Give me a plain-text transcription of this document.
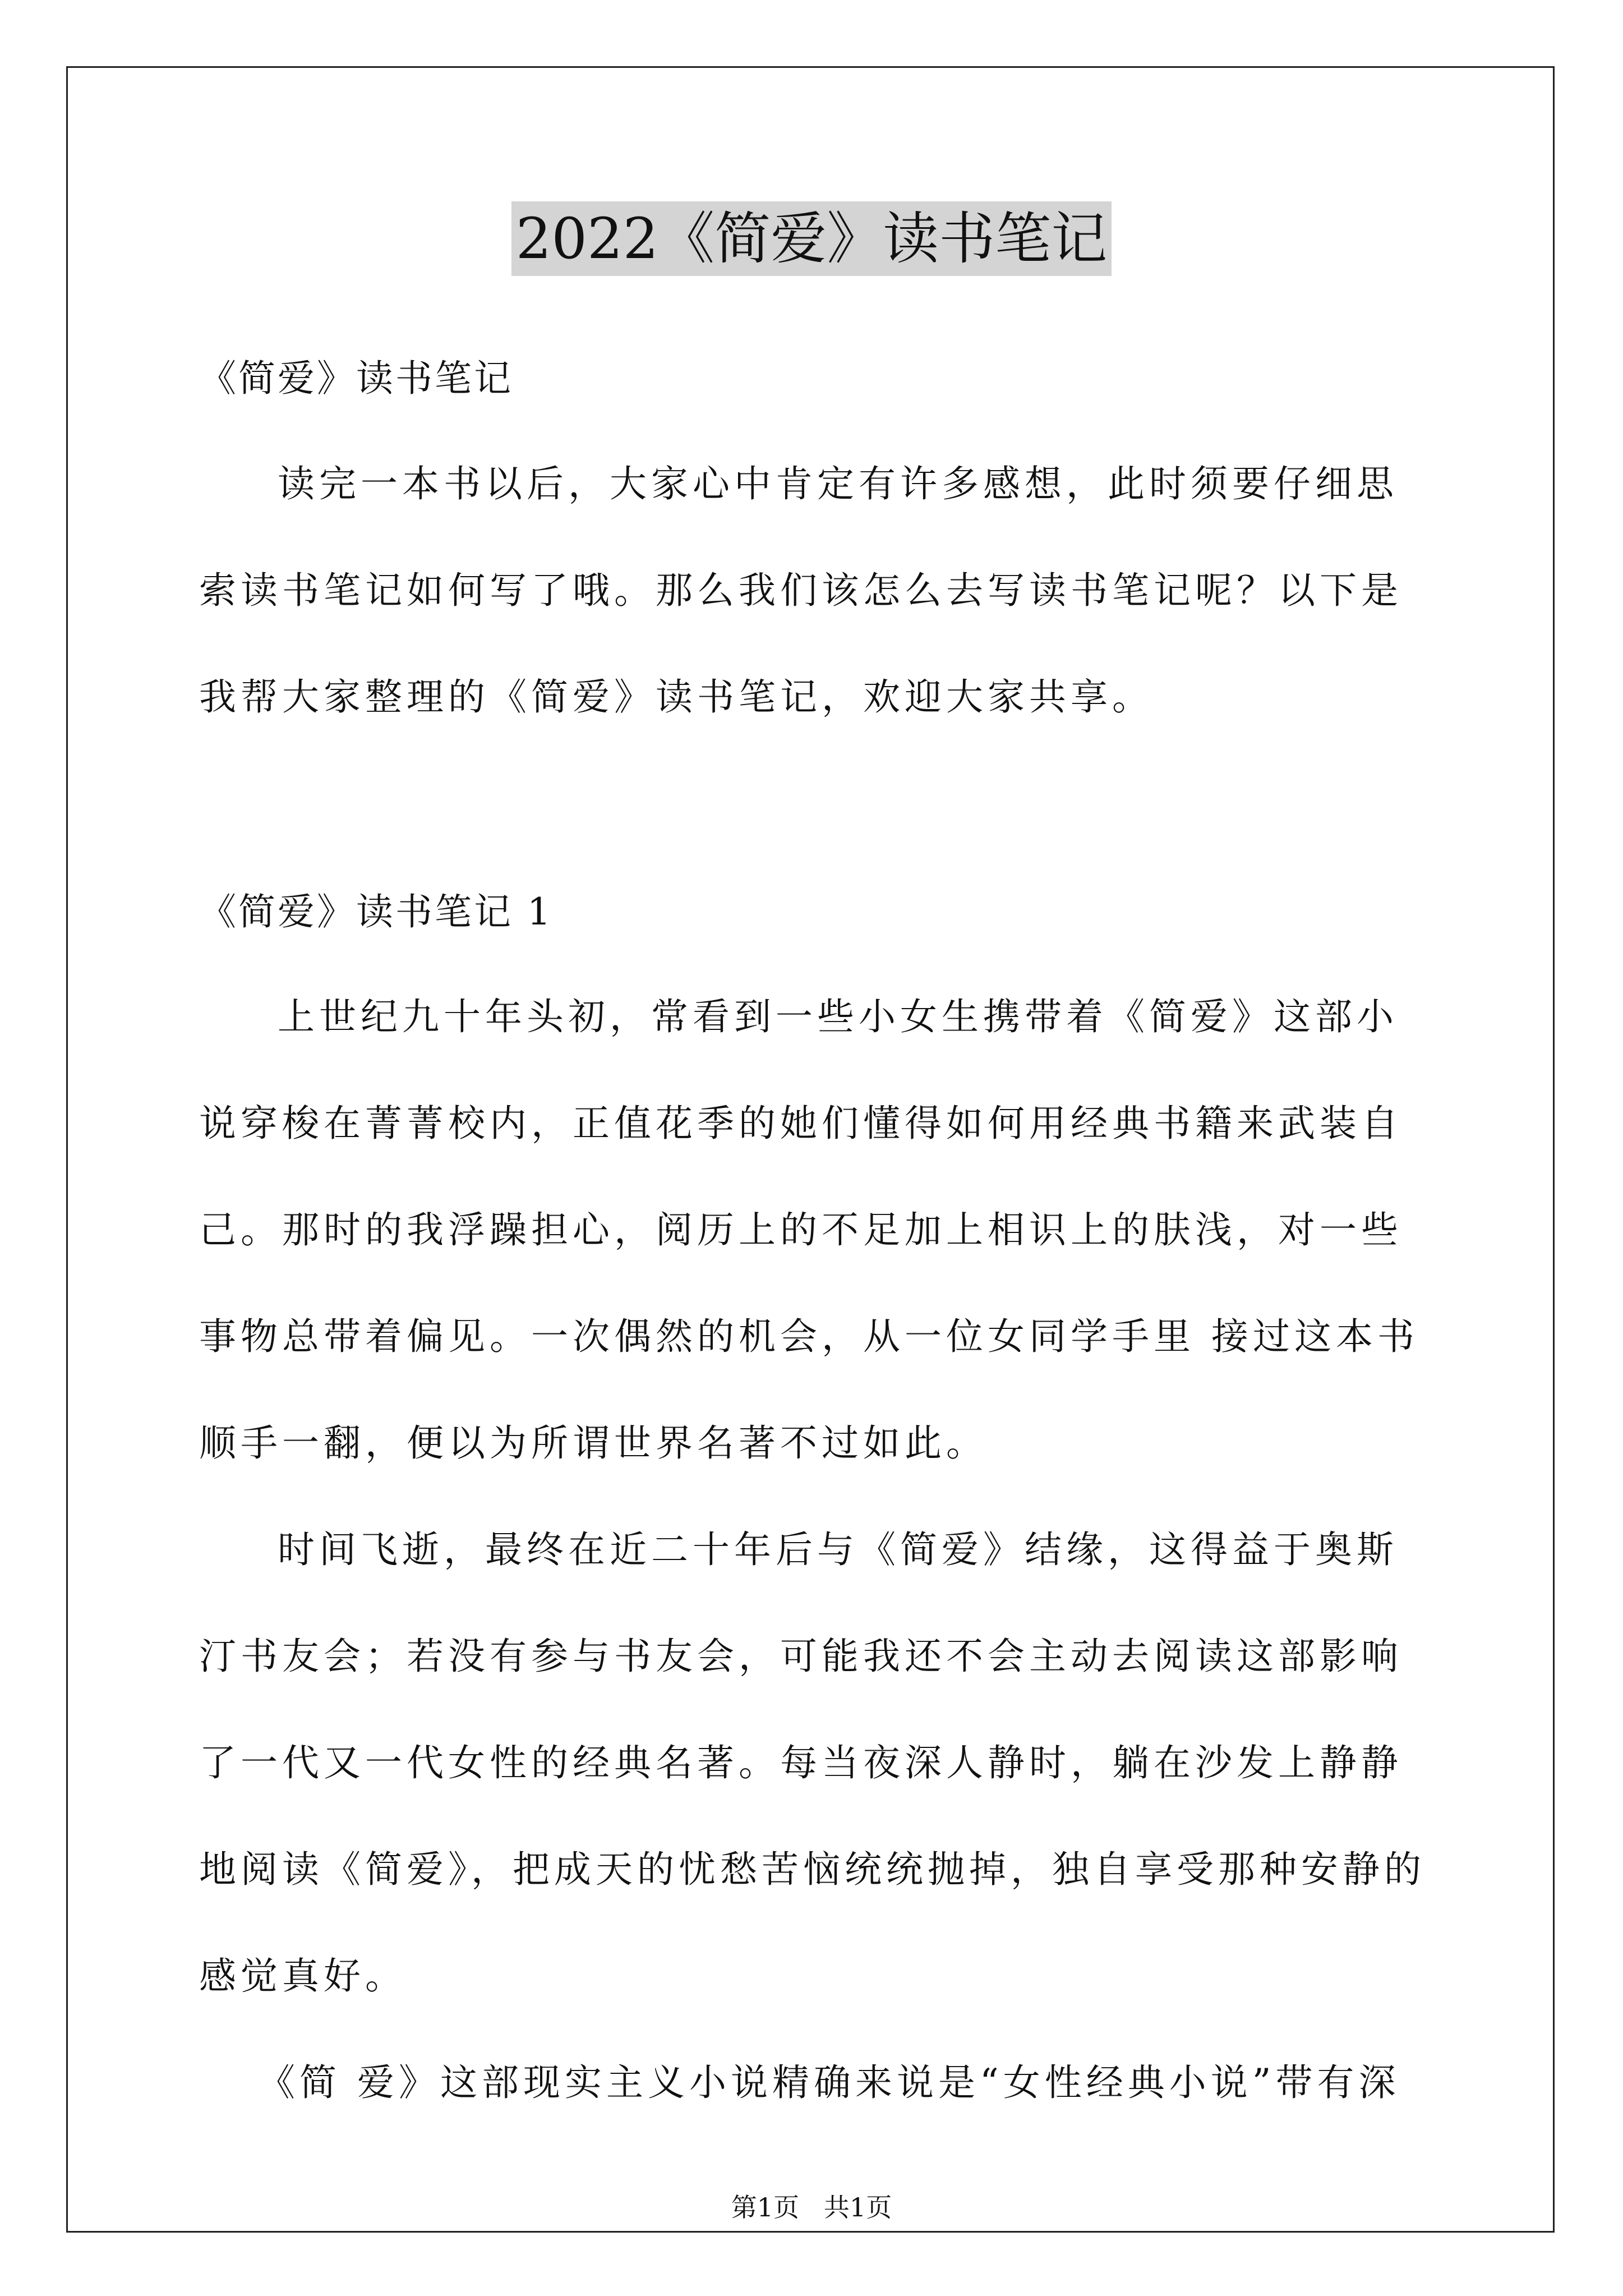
2022《简爱》读书笔记
《简爱》读书笔记

读完一本书以后，大家心中肯定有许多感想，此时须要仔细思索读书笔记如何写了哦。那么我们该怎么去写读书笔记呢？以下是我帮大家整理的《简爱》读书笔记，欢迎大家共享。

《简爱》读书笔记 1

上世纪九十年头初，常看到一些小女生携带着《简爱》这部小说穿梭在菁菁校内，正值花季的她们懂得如何用经典书籍来武装自己。那时的我浮躁担心，阅历上的不足加上相识上的肤浅，对一些事物总带着偏见。一次偶然的机会，从一位女同学手里 接过这本书顺手一翻，便以为所谓世界名著不过如此。

时间飞逝，最终在近二十年后与《简爱》结缘，这得益于奥斯汀书友会；若没有参与书友会，可能我还不会主动去阅读这部影响了一代又一代女性的经典名著。每当夜深人静时，躺在沙发上静静地阅读《简爱》，把成天的忧愁苦恼统统抛掉，独自享受那种安静的感觉真好。

《简 爱》这部现实主义小说精确来说是“女性经典小说”带有深

第1页   共1页
